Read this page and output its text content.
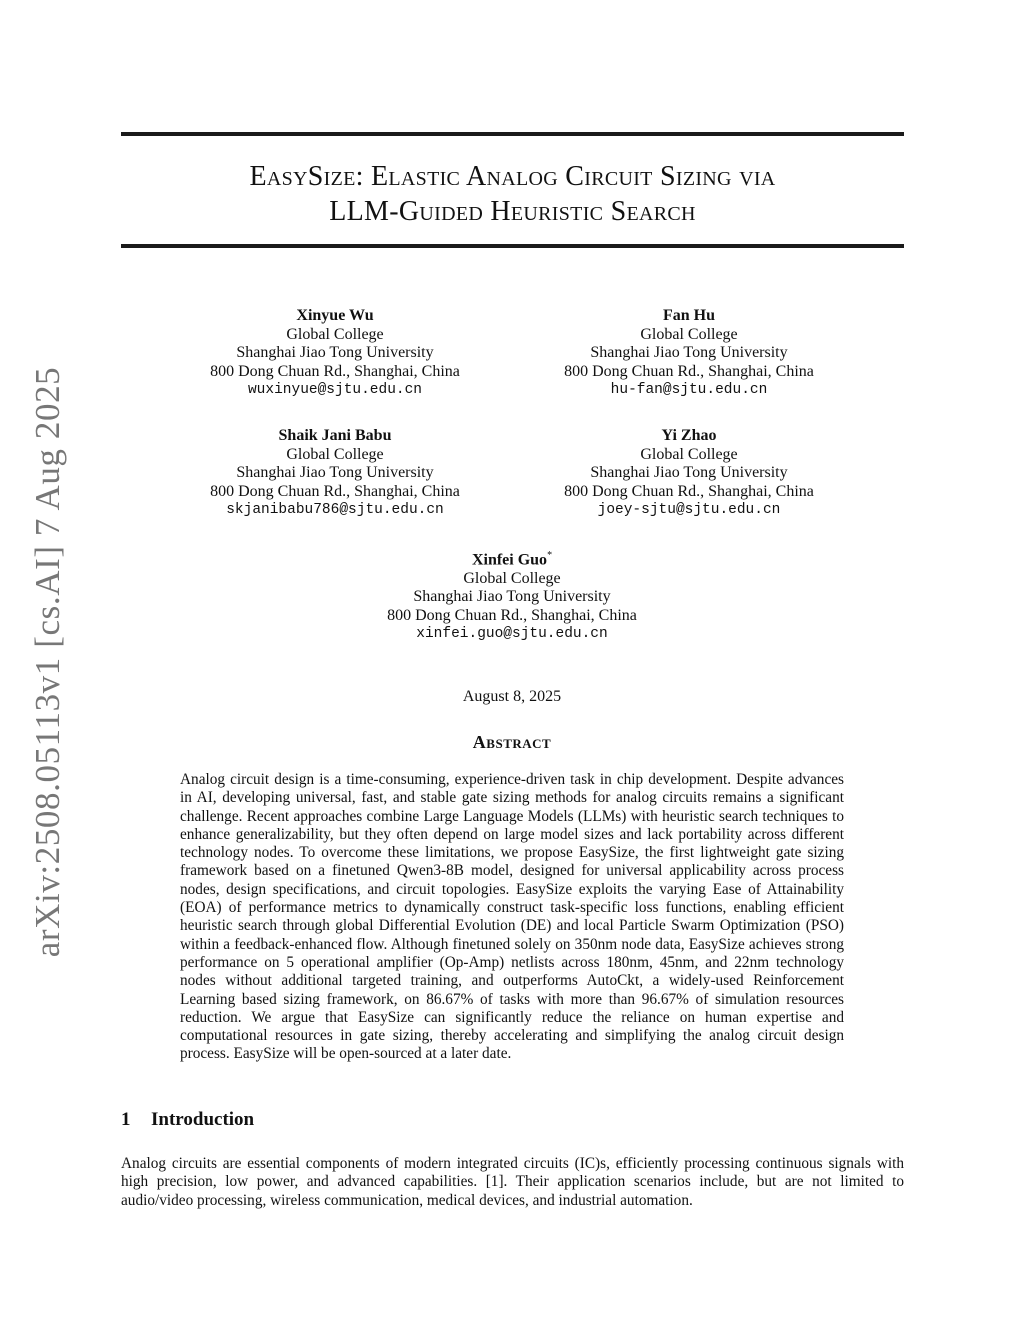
EasySize: Elastic Analog Circuit Sizing via
LLM-Guided Heuristic Search
arXiv:2508.05113v1 [cs.AI] 7 Aug 2025
Xinyue Wu
Global College
Shanghai Jiao Tong University
800 Dong Chuan Rd., Shanghai, China
wuxinyue@sjtu.edu.cn
Fan Hu
Global College
Shanghai Jiao Tong University
800 Dong Chuan Rd., Shanghai, China
hu-fan@sjtu.edu.cn
Shaik Jani Babu
Global College
Shanghai Jiao Tong University
800 Dong Chuan Rd., Shanghai, China
skjanibabu786@sjtu.edu.cn
Yi Zhao
Global College
Shanghai Jiao Tong University
800 Dong Chuan Rd., Shanghai, China
joey-sjtu@sjtu.edu.cn
Xinfei Guo*
Global College
Shanghai Jiao Tong University
800 Dong Chuan Rd., Shanghai, China
xinfei.guo@sjtu.edu.cn
August 8, 2025
Abstract
Analog circuit design is a time-consuming, experience-driven task in chip development. Despite advances in AI, developing universal, fast, and stable gate sizing methods for analog circuits remains a significant challenge. Recent approaches combine Large Language Models (LLMs) with heuristic search techniques to enhance generalizability, but they often depend on large model sizes and lack portability across different technology nodes. To overcome these limitations, we propose EasySize, the first lightweight gate sizing framework based on a finetuned Qwen3-8B model, designed for universal applicability across process nodes, design specifications, and circuit topologies. EasySize exploits the varying Ease of Attainability (EOA) of performance metrics to dynamically construct task-specific loss functions, enabling efficient heuristic search through global Differential Evolution (DE) and local Particle Swarm Optimization (PSO) within a feedback-enhanced flow. Although finetuned solely on 350nm node data, EasySize achieves strong performance on 5 operational amplifier (Op-Amp) netlists across 180nm, 45nm, and 22nm technology nodes without additional targeted training, and outperforms AutoCkt, a widely-used Reinforcement Learning based sizing framework, on 86.67% of tasks with more than 96.67% of simulation resources reduction. We argue that EasySize can significantly reduce the reliance on human expertise and computational resources in gate sizing, thereby accelerating and simplifying the analog circuit design process. EasySize will be open-sourced at a later date.
1 Introduction
Analog circuits are essential components of modern integrated circuits (IC)s, efficiently processing continuous signals with high precision, low power, and advanced capabilities. [1]. Their application scenarios include, but are not limited to audio/video processing, wireless communication, medical devices, and industrial automation.
